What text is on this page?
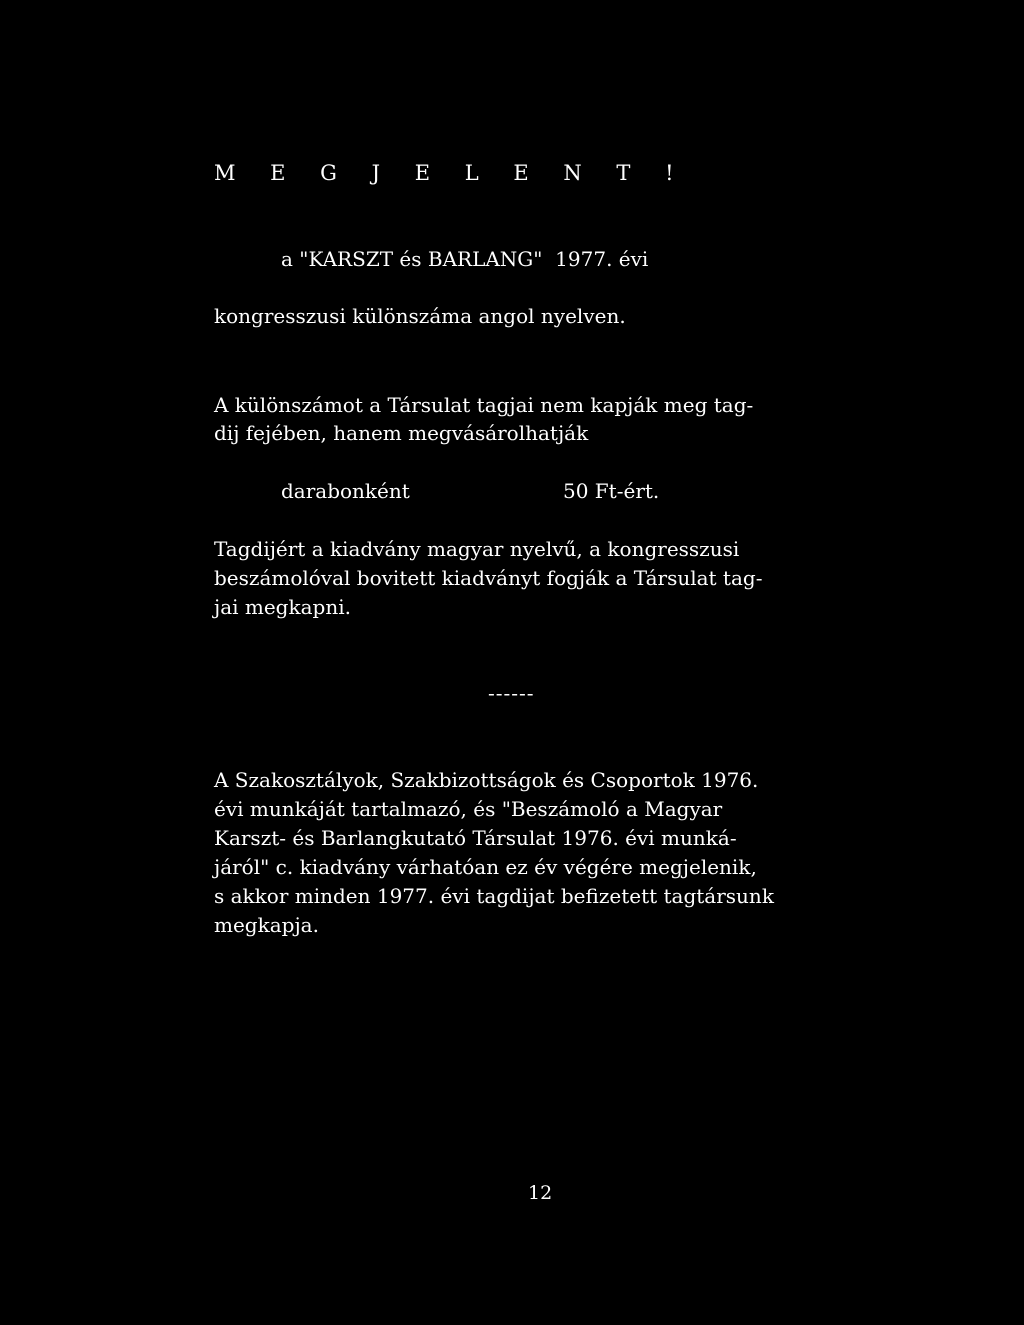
M E G J E L E N T !

a "KARSZT és BARLANG"  1977. évi

kongresszusi különszáma angol nyelven.

A különszámot a Társulat tagjai nem kapják meg tag-

dij fejében, hanem megvásárolhatják

darabonként	50 Ft-ért.

Tagdijért a kiadvány magyar nyelvű, a kongresszusi

beszámolóval bovitett kiadványt fogják a Társulat tag-

jai megkapni.

------

A Szakosztályok, Szakbizottságok és Csoportok 1976.

évi munkáját tartalmazó, és "Beszámoló a Magyar

Karszt- és Barlangkutató Társulat 1976. évi munká-

járól" c. kiadvány várhatóan ez év végére megjelenik,

s akkor minden 1977. évi tagdijat befizetett tagtársunk

megkapja.

12
